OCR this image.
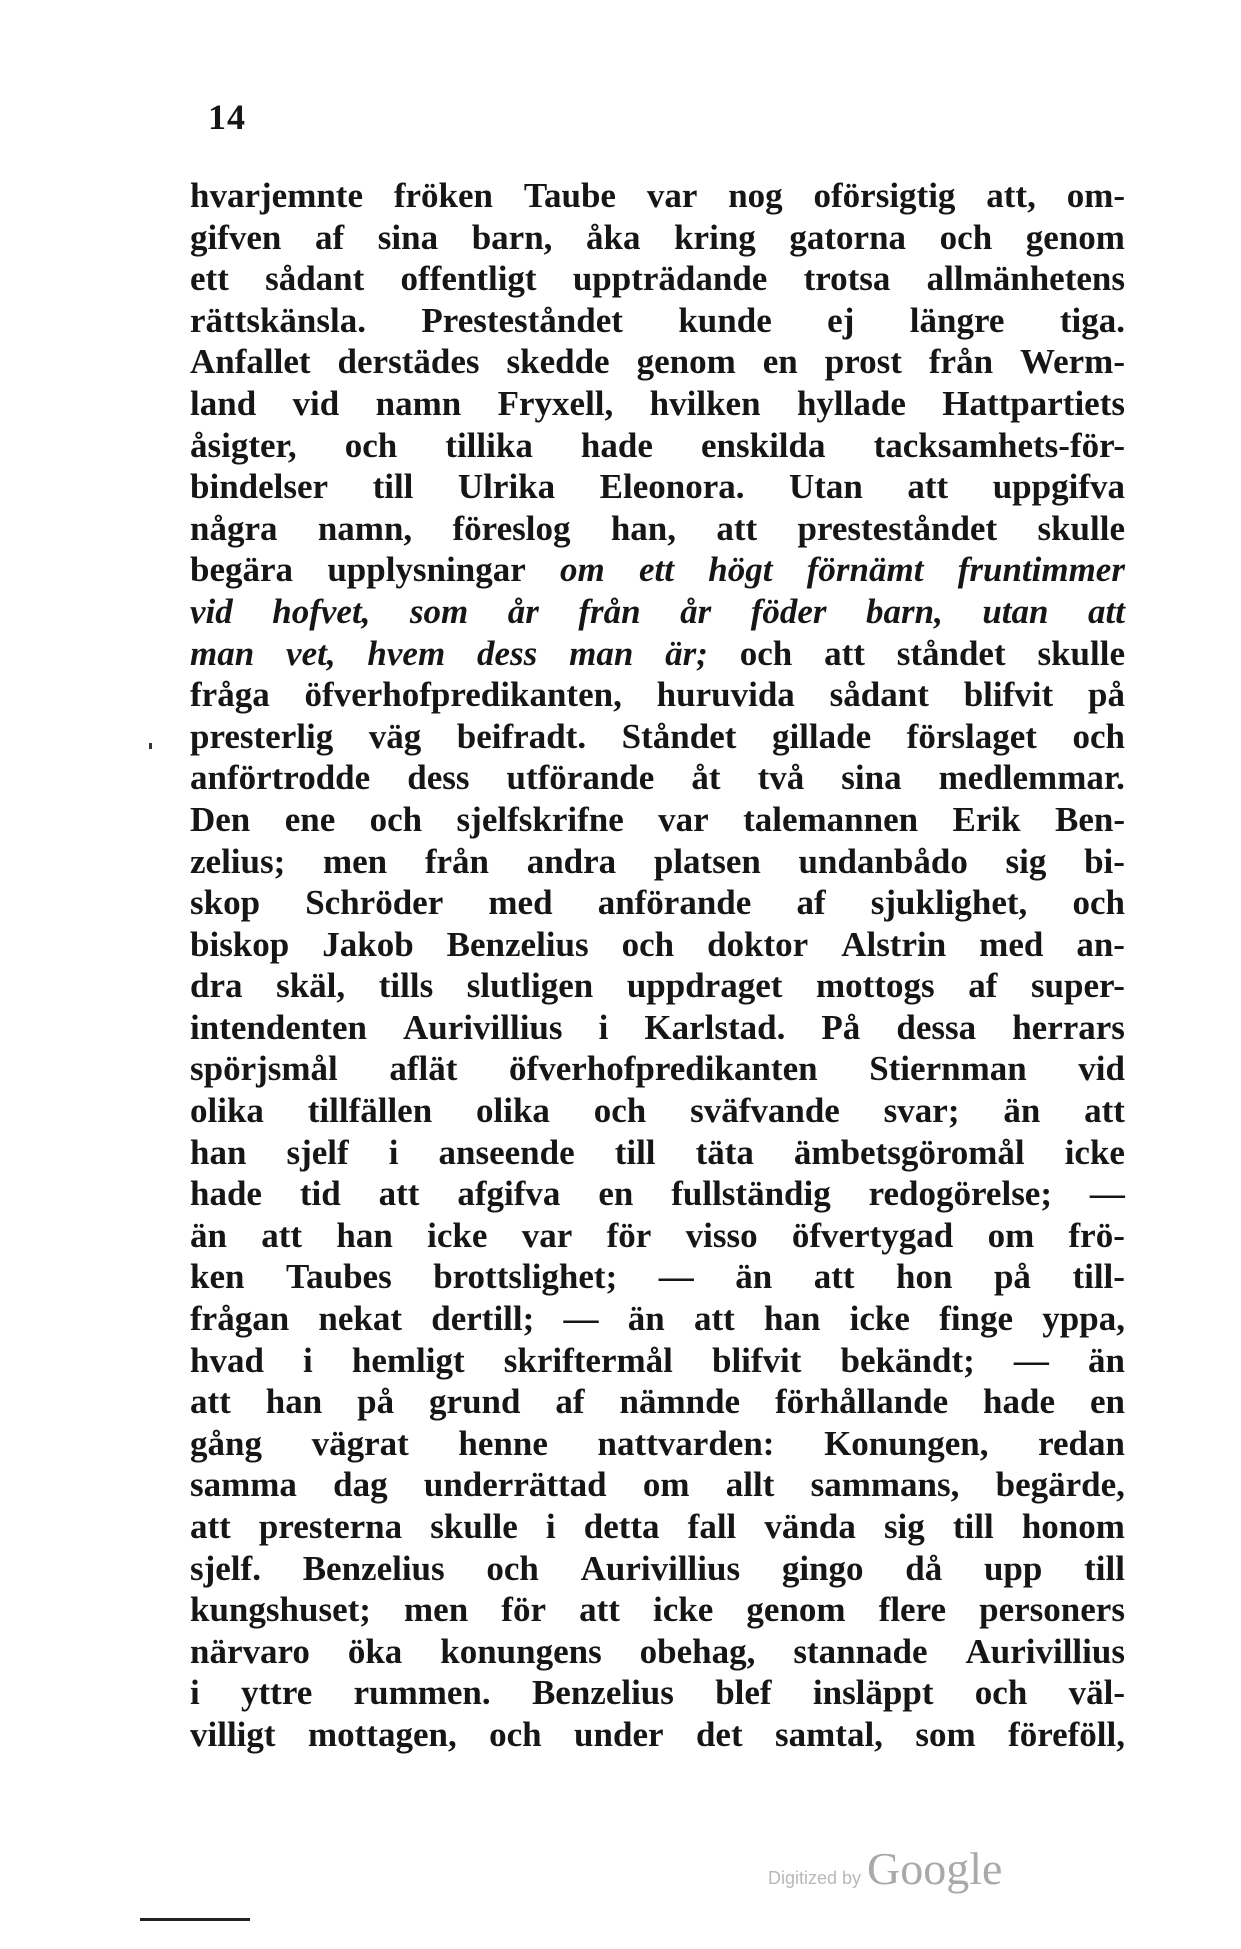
14
hvarjemnte fröken Taube var nog oförsigtig att, om-
gifven af sina barn, åka kring gatorna och genom
ett sådant offentligt uppträdande trotsa allmänhetens
rättskänsla. Presteståndet kunde ej längre tiga.
Anfallet derstädes skedde genom en prost från Werm-
land vid namn Fryxell, hvilken hyllade Hattpartiets
åsigter, och tillika hade enskilda tacksamhets-för-
bindelser till Ulrika Eleonora. Utan att uppgifva
några namn, föreslog han, att presteståndet skulle
begära upplysningar om ett högt förnämt fruntimmer
vid hofvet, som år från år föder barn, utan att
man vet, hvem dess man är; och att ståndet skulle
fråga öfverhofpredikanten, huruvida sådant blifvit på
presterlig väg beifradt. Ståndet gillade förslaget och
anförtrodde dess utförande åt två sina medlemmar.
Den ene och sjelfskrifne var talemannen Erik Ben-
zelius; men från andra platsen undanbådo sig bi-
skop Schröder med anförande af sjuklighet, och
biskop Jakob Benzelius och doktor Alstrin med an-
dra skäl, tills slutligen uppdraget mottogs af super-
intendenten Aurivillius i Karlstad. På dessa herrars
spörjsmål aflät öfverhofpredikanten Stiernman vid
olika tillfällen olika och sväfvande svar; än att
han sjelf i anseende till täta ämbetsgöromål icke
hade tid att afgifva en fullständig redogörelse; —
än att han icke var för visso öfvertygad om frö-
ken Taubes brottslighet; — än att hon på till-
frågan nekat dertill; — än att han icke finge yppa,
hvad i hemligt skriftermål blifvit bekändt; — än
att han på grund af nämnde förhållande hade en
gång vägrat henne nattvarden: Konungen, redan
samma dag underrättad om allt sammans, begärde,
att presterna skulle i detta fall vända sig till honom
sjelf. Benzelius och Aurivillius gingo då upp till
kungshuset; men för att icke genom flere personers
närvaro öka konungens obehag, stannade Aurivillius
i yttre rummen. Benzelius blef insläppt och väl-
villigt mottagen, och under det samtal, som föreföll,
Digitized by Google
